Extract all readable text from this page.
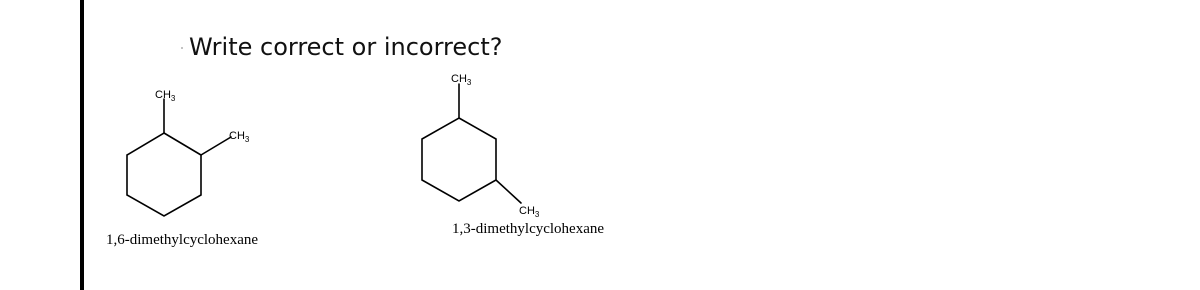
Write correct or incorrect?
$CH_3$
$CH_3$
$CH_3$
$CH_3$
1,6-dimethylcyclohexane
1,3-dimethylcyclohexane
